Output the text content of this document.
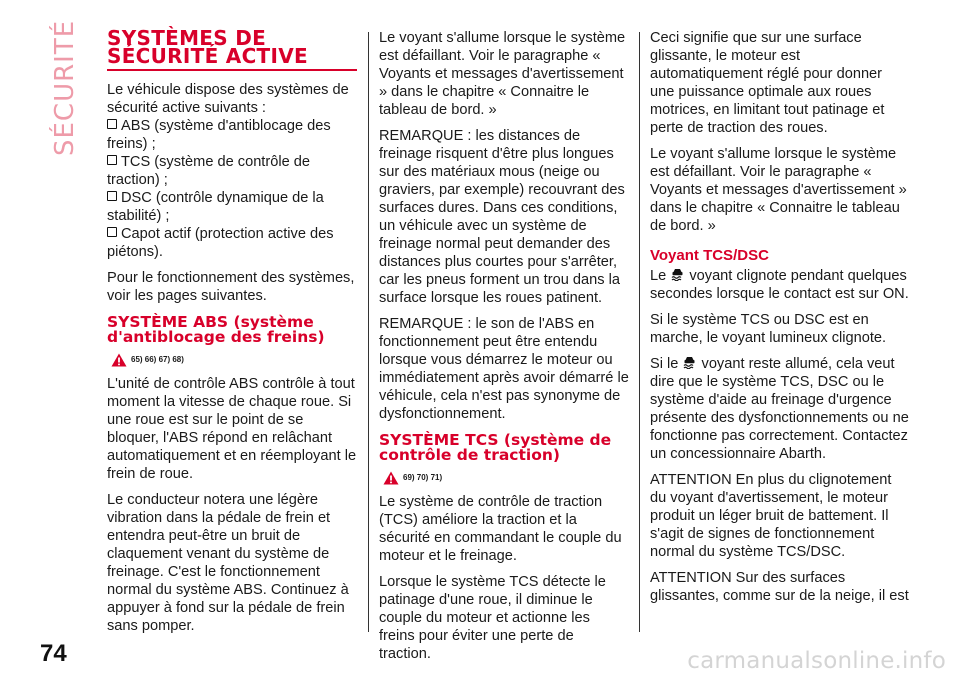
SÉCURITÉ	SYSTÈMES DE
SÉCURITÉ ACTIVE

Le véhicule dispose des systèmes de sécurité active suivants :

ABS (système d'antiblocage des freins) ;

TCS (système de contrôle de traction) ;

DSC (contrôle dynamique de la stabilité) ;

Capot actif (protection active des piétons).

Pour le fonctionnement des systèmes, voir les pages suivantes.

SYSTÈME ABS (système d'antiblocage des freins)
65) 66) 67) 68)

L'unité de contrôle ABS contrôle à tout moment la vitesse de chaque roue. Si une roue est sur le point de se bloquer, l'ABS répond en relâchant automatiquement et en réemployant le frein de roue.

Le conducteur notera une légère vibration dans la pédale de frein et entendra peut-être un bruit de claquement venant du système de freinage. C'est le fonctionnement normal du système ABS. Continuez à appuyer à fond sur la pédale de frein sans pomper.

Le voyant s'allume lorsque le système est défaillant. Voir le paragraphe « Voyants et messages d'avertissement » dans le chapitre « Connaitre le tableau de bord. »

REMARQUE : les distances de freinage risquent d'être plus longues sur des matériaux mous (neige ou graviers, par exemple) recouvrant des surfaces dures. Dans ces conditions, un véhicule avec un système de freinage normal peut demander des distances plus courtes pour s'arrêter, car les pneus forment un trou dans la surface lorsque les roues patinent.

REMARQUE : le son de l'ABS en fonctionnement peut être entendu lorsque vous démarrez le moteur ou immédiatement après avoir démarré le véhicule, cela n'est pas synonyme de dysfonctionnement.

SYSTÈME TCS (système de contrôle de traction)
69) 70) 71)

Le système de contrôle de traction (TCS) améliore la traction et la sécurité en commandant le couple du moteur et le freinage.

Lorsque le système TCS détecte le patinage d'une roue, il diminue le couple du moteur et actionne les freins pour éviter une perte de traction.

Ceci signifie que sur une surface glissante, le moteur est automatiquement réglé pour donner une puissance optimale aux roues motrices, en limitant tout patinage et perte de traction des roues.

Le voyant s'allume lorsque le système est défaillant. Voir le paragraphe « Voyants et messages d'avertissement » dans le chapitre « Connaitre le tableau de bord. »

Voyant TCS/DSC

Le voyant clignote pendant quelques secondes lorsque le contact est sur ON.

Si le système TCS ou DSC est en marche, le voyant lumineux clignote.

Si le voyant reste allumé, cela veut dire que le système TCS, DSC ou le système d'aide au freinage d'urgence présente des dysfonctionnements ou ne fonctionne pas correctement. Contactez un concessionnaire Abarth.

ATTENTION En plus du clignotement du voyant d'avertissement, le moteur produit un léger bruit de battement. Il s'agit de signes de fonctionnement normal du système TCS/DSC.

ATTENTION Sur des surfaces glissantes, comme sur de la neige, il est

74	carmanualsonline.info
